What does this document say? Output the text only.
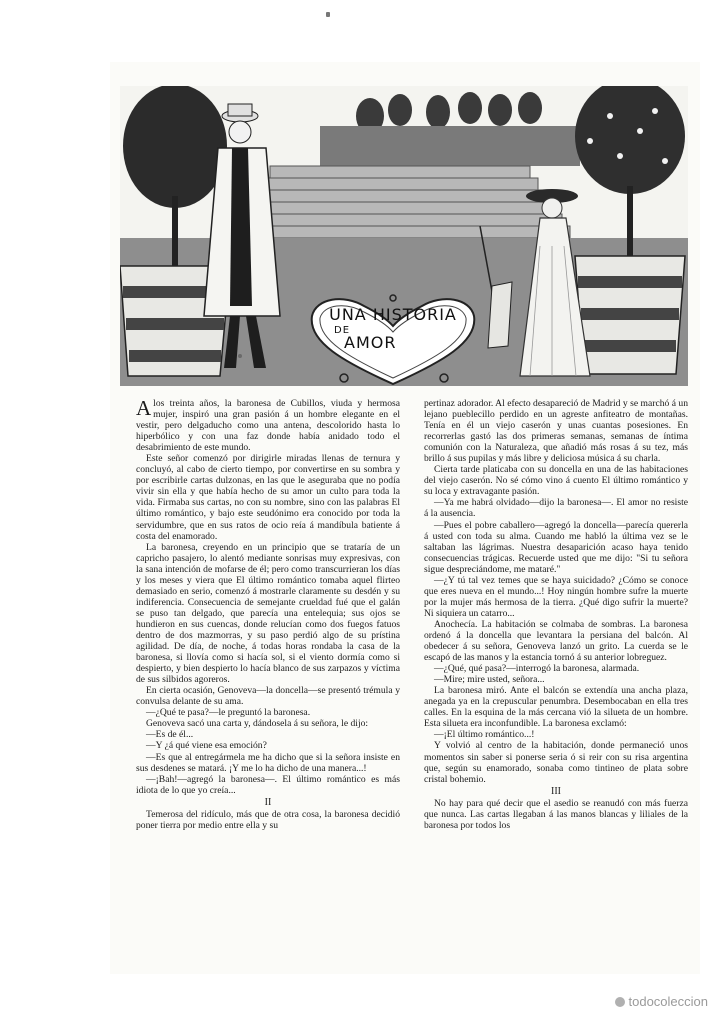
UNA HISTORIA
DE
AMOR

A los treinta años, la baronesa de Cubillos, viuda y hermosa mujer, inspiró una gran pasión á un hombre elegante en el vestir, pero delgaducho como una antena, descolorido hasta lo hiperbólico y con una faz donde había anidado todo el desabrimiento de este mundo.

Este señor comenzó por dirigirle miradas llenas de ternura y concluyó, al cabo de cierto tiempo, por convertirse en su sombra y por escribirle cartas dulzonas, en las que le aseguraba que no podía vivir sin ella y que había hecho de su amor un culto para toda la vida. Firmaba sus cartas, no con su nombre, sino con las palabras El último romántico, y bajo este seudónimo era conocido por toda la servidumbre, que en sus ratos de ocio reía á mandíbula batiente á costa del enamorado.

La baronesa, creyendo en un principio que se trataría de un capricho pasajero, lo alentó mediante sonrisas muy expresivas, con la sana intención de mofarse de él; pero como transcurrieran los días y los meses y viera que El último romántico tomaba aquel flirteo demasiado en serio, comenzó á mostrarle claramente su desdén y su indiferencia. Consecuencia de semejante crueldad fué que el galán se puso tan delgado, que parecía una entelequia; sus ojos se hundieron en sus cuencas, donde relucían como dos fuegos fatuos dentro de dos mazmorras, y su paso perdió algo de su prístina agilidad. De día, de noche, á todas horas rondaba la casa de la baronesa, si llovía como si hacía sol, si el viento dormía como si despierto, y bien despierto lo hacía blanco de sus zarpazos y víctima de sus silbidos agoreros.

En cierta ocasión, Genoveva—la doncella—se presentó trémula y convulsa delante de su ama.

—¿Qué te pasa?—le preguntó la baronesa.

Genoveva sacó una carta y, dándosela á su señora, le dijo:

—Es de él...

—Y ¿á qué viene esa emoción?

—Es que al entregármela me ha dicho que si la señora insiste en sus desdenes se matará. ¡Y me lo ha dicho de una manera...!

—¡Bah!—agregó la baronesa—. El último romántico es más idiota de lo que yo creía...

II

Temerosa del ridículo, más que de otra cosa, la baronesa decidió poner tierra por medio entre ella y su

pertinaz adorador. Al efecto desapareció de Madrid y se marchó á un lejano pueblecillo perdido en un agreste anfiteatro de montañas. Tenía en él un viejo caserón y unas cuantas posesiones. En recorrerlas gastó las dos primeras semanas, semanas de íntima comunión con la Naturaleza, que añadió más rosas á su tez, más brillo á sus pupilas y más libre y deliciosa música á su charla.

Cierta tarde platicaba con su doncella en una de las habitaciones del viejo caserón. No sé cómo vino á cuento El último romántico y su loca y extravagante pasión.

—Ya me habrá olvidado—dijo la baronesa—. El amor no resiste á la ausencia.

—Pues el pobre caballero—agregó la doncella—parecía quererla á usted con toda su alma. Cuando me habló la última vez se le saltaban las lágrimas. Nuestra desaparición acaso haya tenido consecuencias trágicas. Recuerde usted que me dijo: "Si tu señora sigue despreciándome, me mataré."

—¿Y tú tal vez temes que se haya suicidado? ¿Cómo se conoce que eres nueva en el mundo...! Hoy ningún hombre sufre la muerte por la mujer más hermosa de la tierra. ¿Qué digo sufrir la muerte? Ni siquiera un catarro...

Anochecía. La habitación se colmaba de sombras. La baronesa ordenó á la doncella que levantara la persiana del balcón. Al obedecer á su señora, Genoveva lanzó un grito. La cuerda se le escapó de las manos y la estancia tornó á su anterior lobreguez.

—¿Qué, qué pasa?—interrogó la baronesa, alarmada.

—Mire; mire usted, señora...

La baronesa miró. Ante el balcón se extendía una ancha plaza, anegada ya en la crepuscular penumbra. Desembocaban en ella tres calles. En la esquina de la más cercana vió la silueta de un hombre. Esta silueta era inconfundible. La baronesa exclamó:

—¡El último romántico...!

Y volvió al centro de la habitación, donde permaneció unos momentos sin saber si ponerse seria ó si reir con su risa argentina que, según su enamorado, sonaba como tintineo de plata sobre cristal bohemio.

III

No hay para qué decir que el asedio se reanudó con más fuerza que nunca. Las cartas llegaban á las manos blancas y liliales de la baronesa por todos los

todocoleccion
